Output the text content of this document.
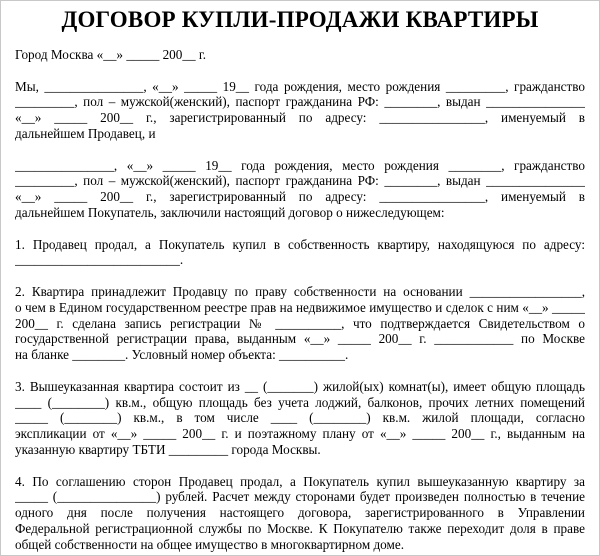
ДОГОВОР КУПЛИ-ПРОДАЖИ КВАРТИРЫ
Город Москва «__» _____ 200__ г.
Мы, _______________, «__» _____ 19__ года рождения, место рождения _________, гражданство
_________, пол – мужской(женский), паспорт гражданина РФ: ________, выдан _______________
«__» _____ 200__ г., зарегистрированный по адресу: ________________, именуемый в
дальнейшем Продавец, и
_______________, «__» _____ 19__ года рождения, место рождения ________, гражданство
_________, пол – мужской(женский), паспорт гражданина РФ: ________, выдан _______________
«__» _____ 200__ г., зарегистрированный по адресу: ________________, именуемый в
дальнейшем Покупатель, заключили настоящий договор о нижеследующем:
1. Продавец продал, а Покупатель купил в собственность квартиру, находящуюся по адресу:
_________________________.
2. Квартира принадлежит Продавцу по праву собственности на основании _________________,
о чем в Едином государственном реестре прав на недвижимое имущество и сделок с ним «__» _____
200__ г. сделана запись регистрации № __________, что подтверждается Свидетельством о
государственной регистрации права, выданным «__» _____ 200__ г. ____________ по Москве
на бланке ________. Условный номер объекта: __________.
3. Вышеуказанная квартира состоит из __ (_______) жилой(ых) комнат(ы), имеет общую площадь
____ (________) кв.м., общую площадь без учета лоджий, балконов, прочих летних помещений
_____ (________) кв.м., в том числе ____ (________) кв.м. жилой площади, согласно
экспликации от «__» _____ 200__ г. и поэтажному плану от «__» _____ 200__ г., выданным на
указанную квартиру ТБТИ _________ города Москвы.
4. По соглашению сторон Продавец продал, а Покупатель купил вышеуказанную квартиру за
_____ (_______________) рублей. Расчет между сторонами будет произведен полностью в течение
одного дня после получения настоящего договора, зарегистрированного в Управлении
Федеральной регистрационной службы по Москве. К Покупателю также переходит доля в праве
общей собственности на общее имущество в многоквартирном доме.
